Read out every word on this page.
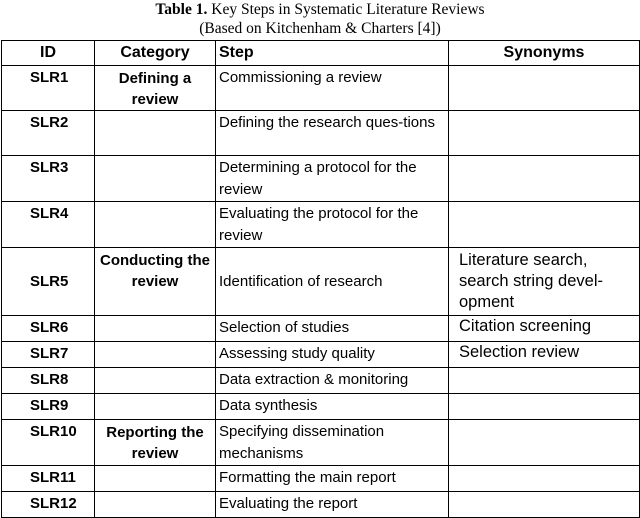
Table 1. Key Steps in Systematic Literature Reviews
(Based on Kitchenham & Charters [4])
ID	Category	Step	Synonyms
SLR1	Defining a review	Commissioning a review	
SLR2		Defining the research ques-tions	
SLR3		Determining a protocol for the review	
SLR4		Evaluating the protocol for the review	
SLR5	Conducting the review	Identification of research	Literature search, search string devel-opment
SLR6		Selection of studies	Citation screening
SLR7		Assessing study quality	Selection review
SLR8		Data extraction & monitoring	
SLR9		Data synthesis	
SLR10	Reporting the review	Specifying dissemination mechanisms	
SLR11		Formatting the main report	
SLR12		Evaluating the report	
